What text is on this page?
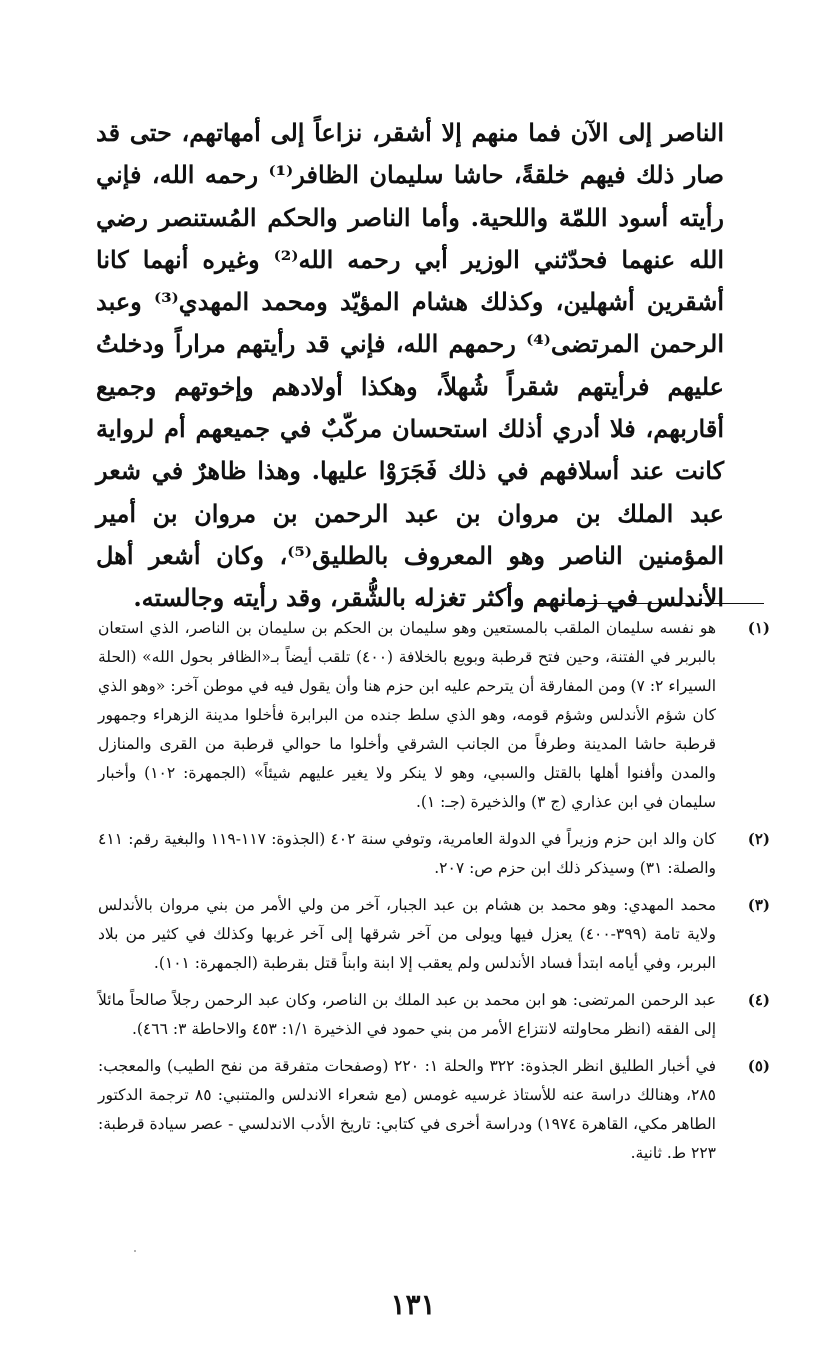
الناصر إلى الآن فما منهم إلا أشقر، نزاعاً إلى أمهاتهم، حتى قد صار ذلك فيهم خلقةً، حاشا سليمان الظافر⁽¹⁾ رحمه الله، فإني رأيته أسود اللمّة واللحية. وأما الناصر والحكم المُستنصر رضي الله عنهما فحدّثني الوزير أبي رحمه الله⁽²⁾ وغيره أنهما كانا أشقرين أشهلين، وكذلك هشام المؤيّد ومحمد المهدي⁽³⁾ وعبد الرحمن المرتضى⁽⁴⁾ رحمهم الله، فإني قد رأيتهم مراراً ودخلتُ عليهم فرأيتهم شقراً شُهلاً، وهكذا أولادهم وإخوتهم وجميع أقاربهم، فلا أدري أذلك استحسان مركّبٌ في جميعهم أم لرواية كانت عند أسلافهم في ذلك فَجَرَوْا عليها. وهذا ظاهرٌ في شعر عبد الملك بن مروان بن عبد الرحمن بن مروان بن أمير المؤمنين الناصر وهو المعروف بالطليق⁽⁵⁾، وكان أشعر أهل الأندلس في زمانهم وأكثر تغزله بالشُّقر، وقد رأيته وجالسته.

(١)
هو نفسه سليمان الملقب بالمستعين وهو سليمان بن الحكم بن سليمان بن الناصر، الذي استعان بالبربر في الفتنة، وحين فتح قرطبة وبويع بالخلافة (٤٠٠) تلقب أيضاً بـ«الظافر بحول الله» (الحلة السيراء ٢: ٧) ومن المفارقة أن يترحم عليه ابن حزم هنا وأن يقول فيه في موطن آخر: «وهو الذي كان شؤم الأندلس وشؤم قومه، وهو الذي سلط جنده من البرابرة فأخلوا مدينة الزهراء وجمهور قرطبة حاشا المدينة وطرفاً من الجانب الشرقي وأخلوا ما حوالي قرطبة من القرى والمنازل والمدن وأفنوا أهلها بالقتل والسبي، وهو لا ينكر ولا يغير عليهم شيئاً» (الجمهرة: ١٠٢) وأخبار سليمان في ابن عذاري (ج ٣) والذخيرة (جـ: ١).
(٢)
كان والد ابن حزم وزيراً في الدولة العامرية، وتوفي سنة ٤٠٢ (الجذوة: ١١٧-١١٩ والبغية رقم: ٤١١ والصلة: ٣١) وسيذكر ذلك ابن حزم ص: ٢٠٧.
(٣)
محمد المهدي: وهو محمد بن هشام بن عبد الجبار، آخر من ولي الأمر من بني مروان بالأندلس ولاية تامة (٣٩٩-٤٠٠) يعزل فيها ويولى من آخر شرقها إلى آخر غربها وكذلك في كثير من بلاد البربر، وفي أيامه ابتدأ فساد الأندلس ولم يعقب إلا ابنة وابناً قتل بقرطبة (الجمهرة: ١٠١).
(٤)
عبد الرحمن المرتضى: هو ابن محمد بن عبد الملك بن الناصر، وكان عبد الرحمن رجلاً صالحاً مائلاً إلى الفقه (انظر محاولته لانتزاع الأمر من بني حمود في الذخيرة ١/١: ٤٥٣ والاحاطة ٣: ٤٦٦).
(٥)
في أخبار الطليق انظر الجذوة: ٣٢٢ والحلة ١: ٢٢٠ (وصفحات متفرقة من نفح الطيب) والمعجب: ٢٨٥، وهنالك دراسة عنه للأستاذ غرسيه غومس (مع شعراء الاندلس والمتنبي: ٨٥ ترجمة الدكتور الطاهر مكي، القاهرة ١٩٧٤) ودراسة أخرى في كتابي: تاريخ الأدب الاندلسي - عصر سيادة قرطبة: ٢٢٣ ط. ثانية.
١٣١
